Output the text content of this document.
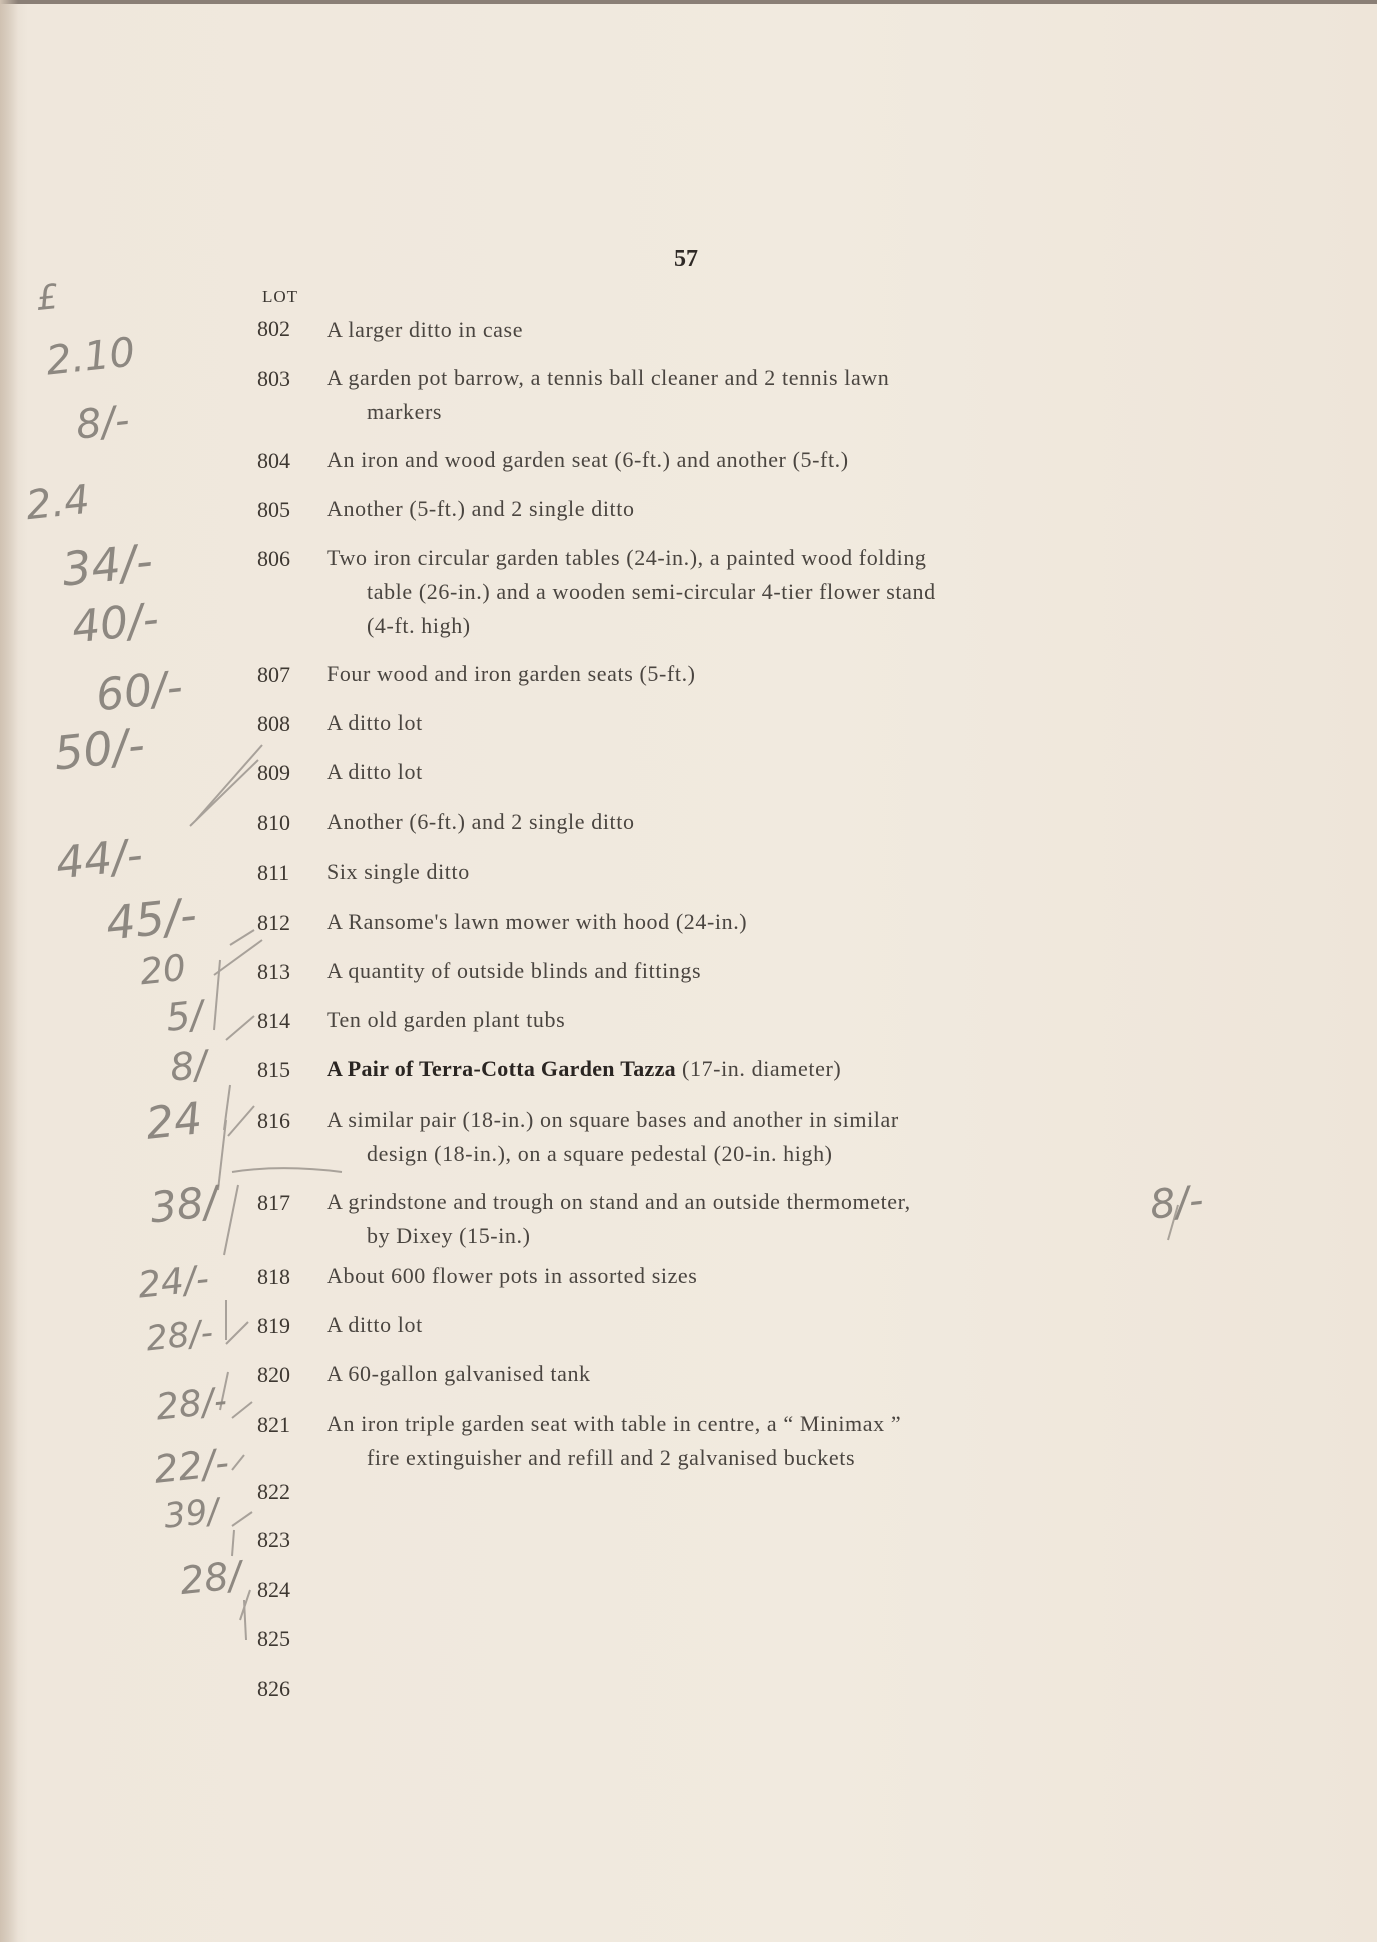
57
LOT
802
803
804
805
806
807
808
809
810
811
812
813
814
815
816
817
818
819
820
821
822
823
824
825
826
A larger ditto in case
A garden pot barrow, a tennis ball cleaner and 2 tennis lawn
markers
An iron and wood garden seat (6-ft.) and another (5-ft.)
Another (5-ft.) and 2 single ditto
Two iron circular garden tables (24-in.), a painted wood folding
table (26-in.) and a wooden semi-circular 4-tier flower stand
(4-ft. high)
Four wood and iron garden seats (5-ft.)
A ditto lot
A ditto lot
Another (6-ft.) and 2 single ditto
Six single ditto
A Ransome's lawn mower with hood (24-in.)
A quantity of outside blinds and fittings
Ten old garden plant tubs
A Pair of Terra-Cotta Garden Tazza (17-in. diameter)
A similar pair (18-in.) on square bases and another in similar
design (18-in.), on a square pedestal (20-in. high)
A grindstone and trough on stand and an outside thermometer,
by Dixey (15-in.)
About 600 flower pots in assorted sizes
A ditto lot
A 60-gallon galvanised tank
An iron triple garden seat with table in centre, a “ Minimax ”
fire extinguisher and refill and 2 galvanised buckets
£
2.10
8/-
2.4
34/-
40/-
60/-
50/-
44/-
45/-
20
5/
8/
24
38/
24/-
28/-
28/-
22/-
39/
28/
8/-
